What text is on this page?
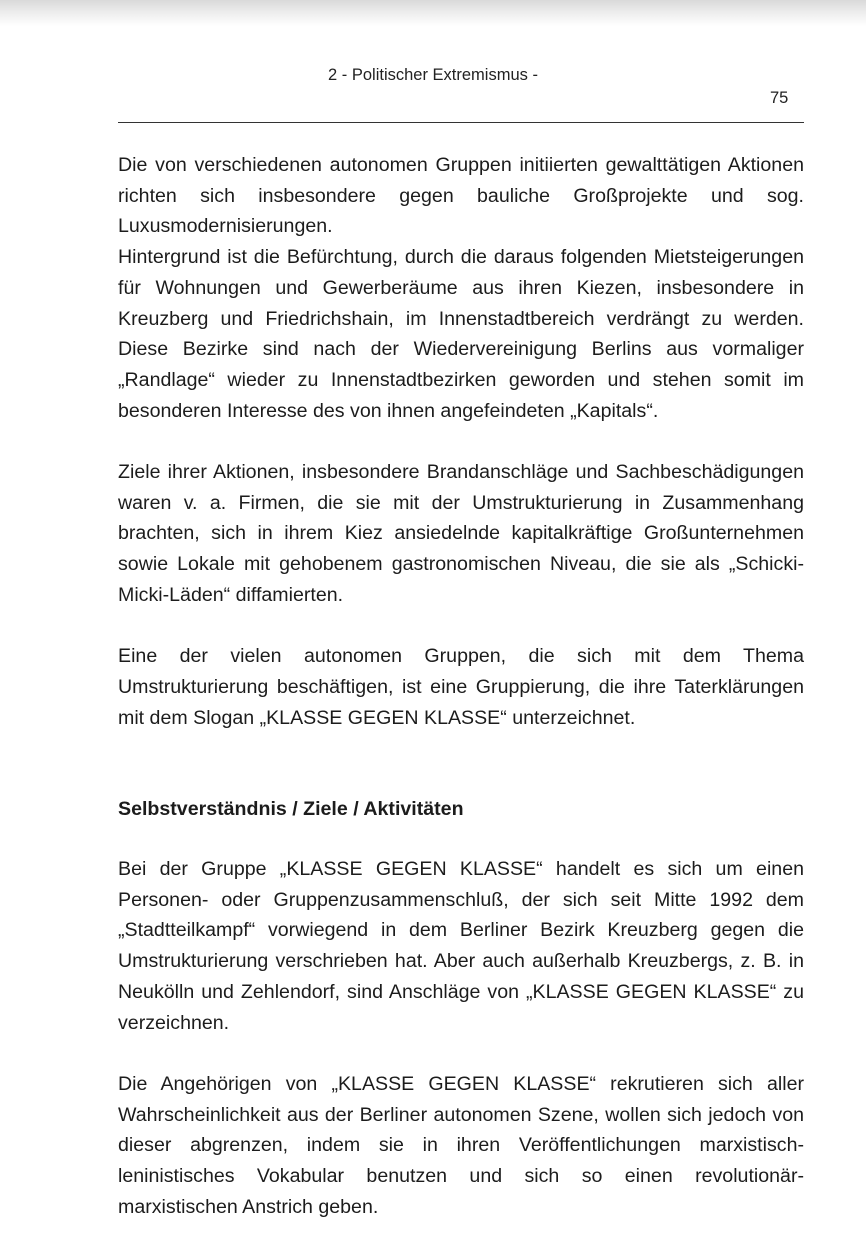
2 - Politischer Extremismus -
75

Die von verschiedenen autonomen Gruppen initiierten gewalttätigen Aktionen richten sich insbesondere gegen bauliche Großprojekte und sog. Luxusmodernisierungen.

Hintergrund ist die Befürchtung, durch die daraus folgenden Mietsteigerungen für Wohnungen und Gewerberäume aus ihren Kiezen, insbesondere in Kreuzberg und Friedrichshain, im Innenstadtbereich verdrängt zu werden. Diese Bezirke sind nach der Wiedervereinigung Berlins aus vormaliger „Randlage“ wieder zu Innenstadtbezirken geworden und stehen somit im besonderen Interesse des von ihnen angefeindeten „Kapitals“.

Ziele ihrer Aktionen, insbesondere Brandanschläge und Sachbeschädigungen waren v. a. Firmen, die sie mit der Umstrukturierung in Zusammenhang brachten, sich in ihrem Kiez ansiedelnde kapitalkräftige Großunternehmen sowie Lokale mit gehobenem gastronomischen Niveau, die sie als „Schicki-Micki-Läden“ diffamierten.

Eine der vielen autonomen Gruppen, die sich mit dem Thema Umstrukturierung beschäftigen, ist eine Gruppierung, die ihre Taterklärungen mit dem Slogan „KLASSE GEGEN KLASSE“ unterzeichnet.

Selbstverständnis / Ziele / Aktivitäten

Bei der Gruppe „KLASSE GEGEN KLASSE“ handelt es sich um einen Personen- oder Gruppenzusammenschluß, der sich seit Mitte 1992 dem „Stadtteilkampf“ vorwiegend in dem Berliner Bezirk Kreuzberg gegen die Umstrukturierung verschrieben hat. Aber auch außerhalb Kreuzbergs, z. B. in Neukölln und Zehlendorf, sind Anschläge von „KLASSE GEGEN KLASSE“ zu verzeichnen.

Die Angehörigen von „KLASSE GEGEN KLASSE“ rekrutieren sich aller Wahrscheinlichkeit aus der Berliner autonomen Szene, wollen sich jedoch von dieser abgrenzen, indem sie in ihren Veröffentlichungen marxistisch-leninistisches Vokabular benutzen und sich so einen revolutionär-marxistischen Anstrich geben.
